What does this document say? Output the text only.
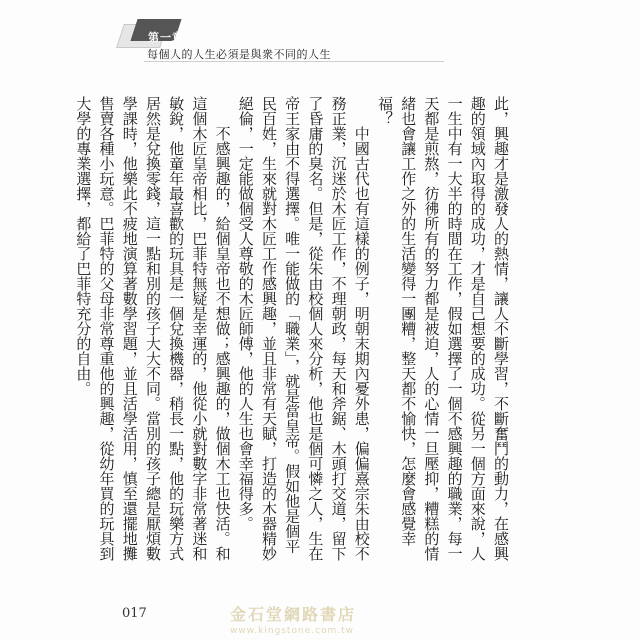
第一章
每個人的人生必須是與衆不同的人生

此，興趣才是激發人的熱情，讓人不斷學習，不斷奮鬥的動力，在感興趣的領域內取得的成功，才是自己想要的成功。從另一個方面來說，人一生中有一大半的時間在工作，假如選擇了一個不感興趣的職業，每一天都是煎熬，彷彿所有的努力都是被迫，人的心情一旦壓抑，糟糕的情緒也會讓工作之外的生活變得一團糟，整天都不愉快，怎麼會感覺幸福？

中國古代也有這樣的例子，明朝末期內憂外患，偏偏熹宗朱由校不務正業，沉迷於木匠工作，不理朝政，每天和斧鋸、木頭打交道，留下了昏庸的臭名。但是，從朱由校個人來分析，他也是個可憐之人，生在帝王家由不得選擇。唯一能做的「職業」，就是當皇帝。假如他是個平民百姓，生來就對木匠工作感興趣，並且非常有天賦，打造的木器精妙絕倫，一定能做個受人尊敬的木匠師傅，他的人生也會幸福得多。

不感興趣的，給個皇帝也不想做；感興趣的，做個木工也快活。和這個木匠皇帝相比，巴菲特無疑是幸運的，他從小就對數字非常著迷和敏銳，他童年最喜歡的玩具是一個兌換機器，稍長一點，他的玩樂方式居然是兌換零錢，這一點和別的孩子大大不同。當別的孩子總是厭煩數學課時，他樂此不疲地演算著數學習題，並且活學活用，慎至還擺地攤售賣各種小玩意。巴菲特的父母非常尊重他的興趣，從幼年買的玩具到大學的專業選擇，都給了巴菲特充分的自由。

017	金石堂網路書店
www.kingstone.com.tw
